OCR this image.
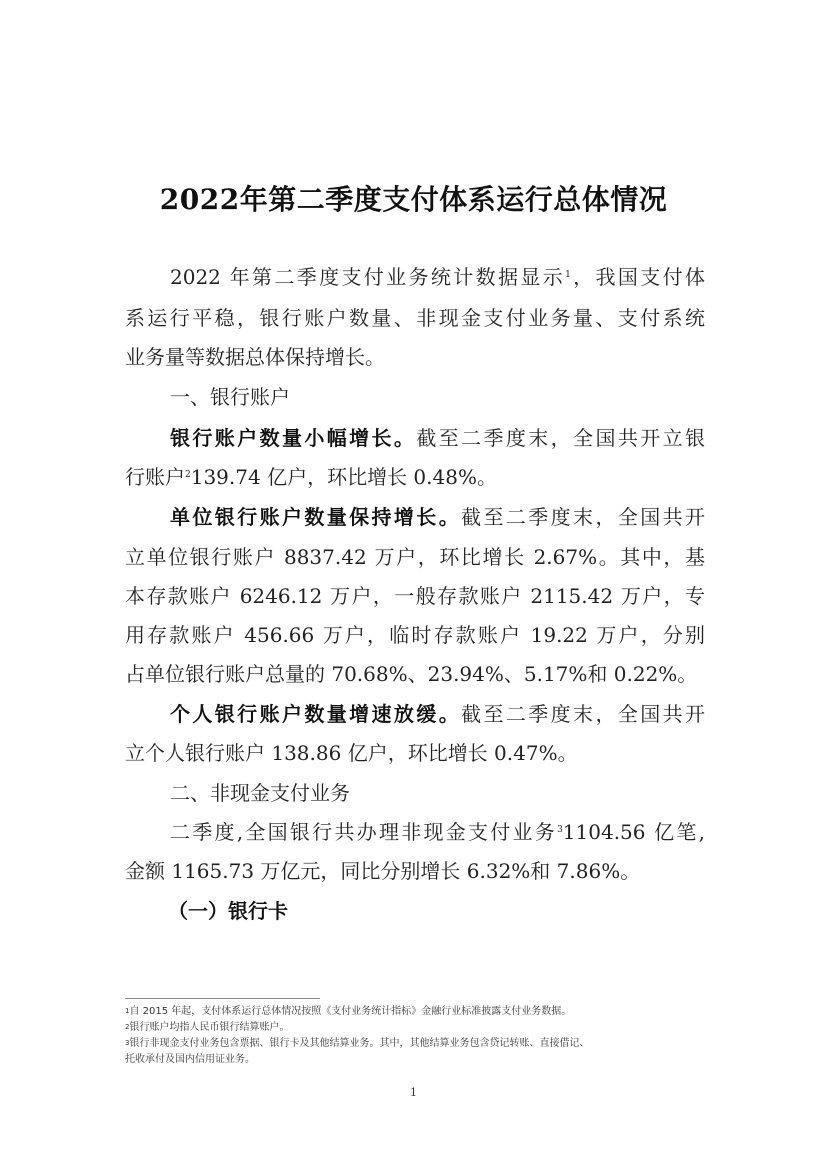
2022年第二季度支付体系运行总体情况
2022 年第二季度支付业务统计数据显示$^1$，我国支付体
系运行平稳，银行账户数量、非现金支付业务量、支付系统
业务量等数据总体保持增长。
一、银行账户
银行账户数量小幅增长。截至二季度末，全国共开立银
行账户$^2$139.74 亿户，环比增长 0.48%。
单位银行账户数量保持增长。截至二季度末，全国共开
立单位银行账户 8837.42 万户，环比增长 2.67%。其中，基
本存款账户 6246.12 万户，一般存款账户 2115.42 万户，专
用存款账户 456.66 万户，临时存款账户 19.22 万户，分别
占单位银行账户总量的 70.68%、23.94%、5.17%和 0.22%。
个人银行账户数量增速放缓。截至二季度末，全国共开
立个人银行账户 138.86 亿户，环比增长 0.47%。
二、非现金支付业务
二季度,全国银行共办理非现金支付业务$^3$1104.56 亿笔,
金额 1165.73 万亿元，同比分别增长 6.32%和 7.86%。
（一）银行卡
$^1$自 2015 年起，支付体系运行总体情况按照《支付业务统计指标》金融行业标准披露支付业务数据。
$^2$银行账户均指人民币银行结算账户。
$^3$银行非现金支付业务包含票据、银行卡及其他结算业务。其中，其他结算业务包含贷记转账、直接借记、
托收承付及国内信用证业务。
1
